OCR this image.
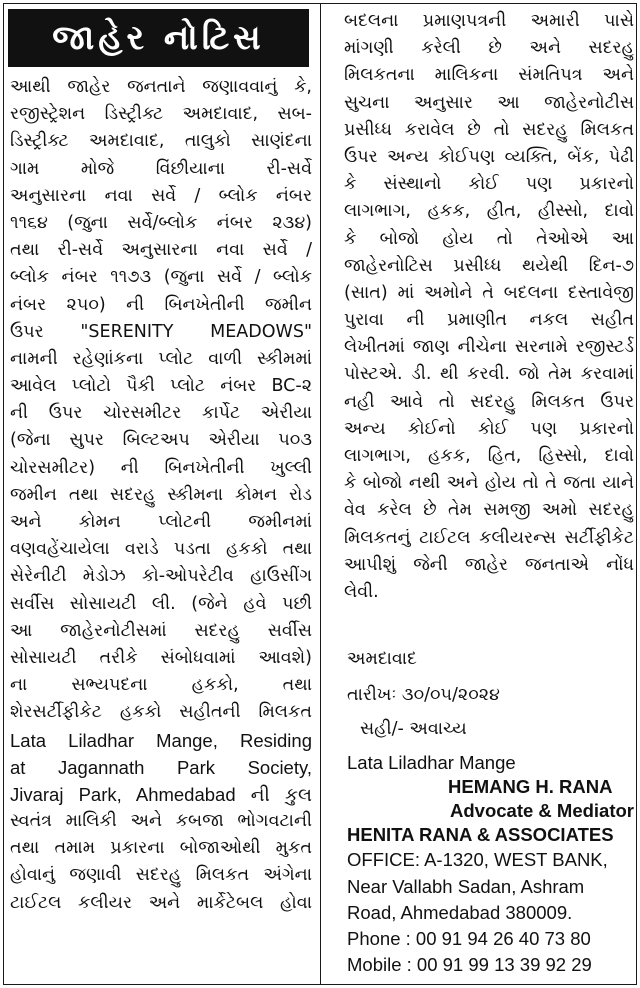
જાહેર નોટિસ
આથી જાહેર જનતાને જણાવવાનું કે,
રજીસ્ટ્રેશન ડિસ્ટ્રીક્ટ અમદાવાદ, સબ-
ડિસ્ટ્રીક્ટ અમદાવાદ, તાલુકો સાણંદના
ગામ મોજે વિંછીયાના રી-સર્વે
અનુસારના નવા સર્વે / બ્લોક નંબર
૧૧૬૪ (જુના સર્વે/બ્લોક નંબર ૨૩૪)
તથા રી-સર્વે અનુસારના નવા સર્વે /
બ્લોક નંબર ૧૧૭૩ (જુના સર્વે / બ્લોક
નંબર ૨૫૦) ની બિનખેતીની જમીન
ઉપર "SERENITY MEADOWS"
નામની રહેણાંકના પ્લોટ વાળી સ્કીમમાં
આવેલ પ્લોટો પૈકી પ્લોટ નંબર BC-૨
ની ઉપર ચોરસમીટર કાર્પેટ એરીયા
(જેના સુપર બિલ્ટઅપ એરીયા ૫૦૩
ચોરસમીટર) ની બિનખેતીની ખુલ્લી
જમીન તથા સદરહુ સ્કીમના કોમન રોડ
અને કોમન પ્લોટની જમીનમાં
વણવહેંચાયેલા વરાડે પડતા હકકો તથા
સેરેનીટી મેડોઝ કો-ઓપરેટીવ હાઉસીંગ
સર્વીસ સોસાયટી લી. (જેને હવે પછી
આ જાહેરનોટીસમાં સદરહુ સર્વીસ
સોસાયટી તરીકે સંબોધવામાં આવશે)
ના સભ્યપદના હકકો, તથા
શેરસર્ટીફીકેટ હકકો સહીતની મિલકત
Lata Liladhar Mange, Residing
at Jagannath Park Society,
Jivaraj Park, Ahmedabad ની કુલ
સ્વતંત્ર માલિકી અને કબજા ભોગવટાની
તથા તમામ પ્રકારના બોજાઓથી મુકત
હોવાનું જણાવી સદરહુ મિલકત અંગેના
ટાઈટલ કલીયર અને માર્કેટેબલ હોવા
બદલના પ્રમાણપત્રની અમારી પાસે
માંગણી કરેલી છે અને સદરહુ
મિલકતના માલિકના સંમતિપત્ર અને
સુચના અનુસાર આ જાહેરનોટીસ
પ્રસીધ્ધ કરાવેલ છે તો સદરહુ મિલકત
ઉપર અન્ય કોઈપણ વ્યક્તિ, બેંક, પેઢી
કે સંસ્થાનો કોઈ પણ પ્રકારનો
લાગભાગ, હકક, હીત, હીસ્સો, દાવો
કે બોજો હોય તો તેઓએ આ
જાહેરનોટિસ પ્રસીધ્ધ થયેથી દિન-૭
(સાત) માં અમોને તે બદલના દસ્તાવેજી
પુરાવા ની પ્રમાણીત નકલ સહીત
લેખીતમાં જાણ નીચેના સરનામે રજીસ્ટર્ડ
પોસ્ટએ. ડી. થી કરવી. જો તેમ કરવામાં
નહી આવે તો સદરહુ મિલકત ઉપર
અન્ય કોઈનો કોઈ પણ પ્રકારનો
લાગભાગ, હકક, હિત, હિસ્સો, દાવો
કે બોજો નથી અને હોય તો તે જતા યાને
વેવ કરેલ છે તેમ સમજી અમો સદરહુ
મિલકતનું ટાઈટલ કલીયરન્સ સર્ટીફીકેટ
આપીશું જેની જાહેર જનતાએ નોંધ
લેવી.
અમદાવાદ
તારીખઃ ૩૦/૦૫/૨૦૨૪
સહી/- અવાચ્ય
Lata Liladhar Mange
HEMANG H. RANA
Advocate & Mediator
HENITA RANA & ASSOCIATES
OFFICE: A-1320, WEST BANK,
Near Vallabh Sadan, Ashram
Road, Ahmedabad 380009.
Phone : 00 91 94 26 40 73 80
Mobile : 00 91 99 13 39 92 29
